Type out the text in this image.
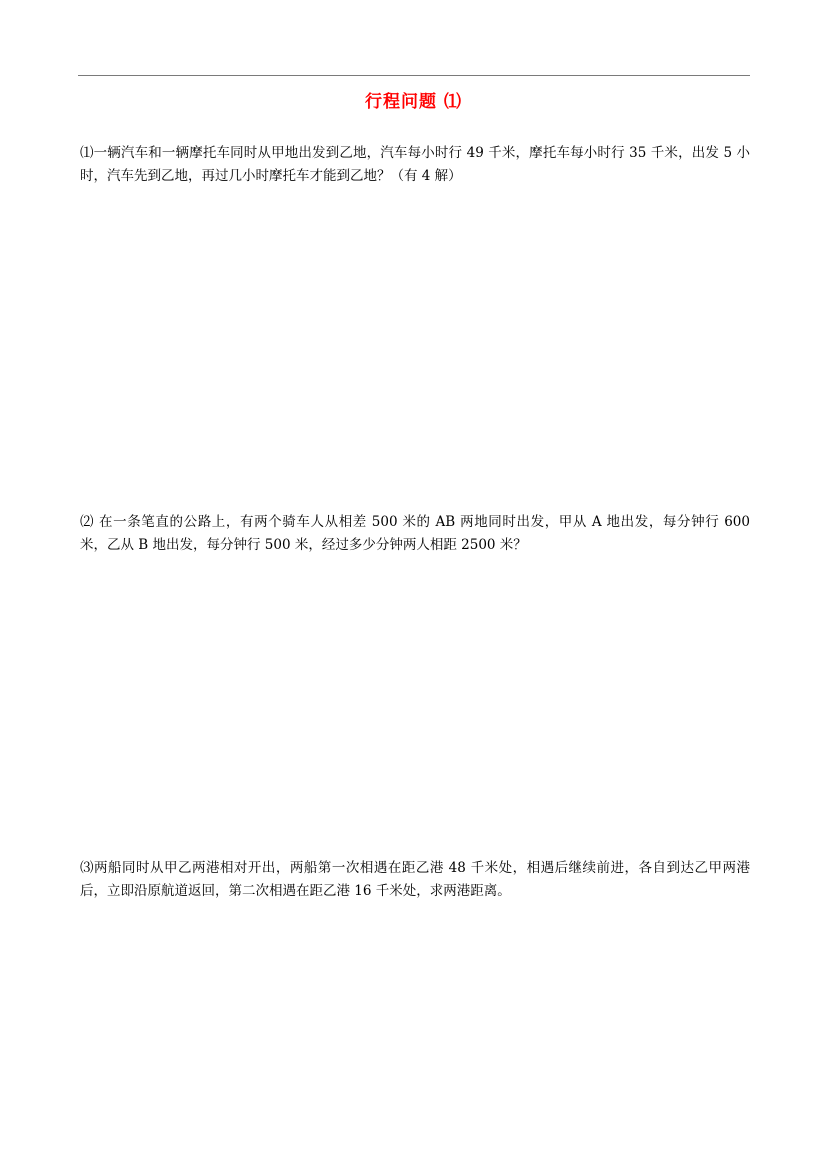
行程问题 ⑴
⑴一辆汽车和一辆摩托车同时从甲地出发到乙地，汽车每小时行 49 千米，摩托车每小时行 35 千米，出发 5 小时，汽车先到乙地，再过几小时摩托车才能到乙地？（有 4 解）
⑵ 在一条笔直的公路上，有两个骑车人从相差 500 米的 AB 两地同时出发，甲从 A 地出发，每分钟行 600 米，乙从 B 地出发，每分钟行 500 米，经过多少分钟两人相距 2500 米？
⑶两船同时从甲乙两港相对开出，两船第一次相遇在距乙港 48 千米处，相遇后继续前进，各自到达乙甲两港后，立即沿原航道返回，第二次相遇在距乙港 16 千米处，求两港距离。
